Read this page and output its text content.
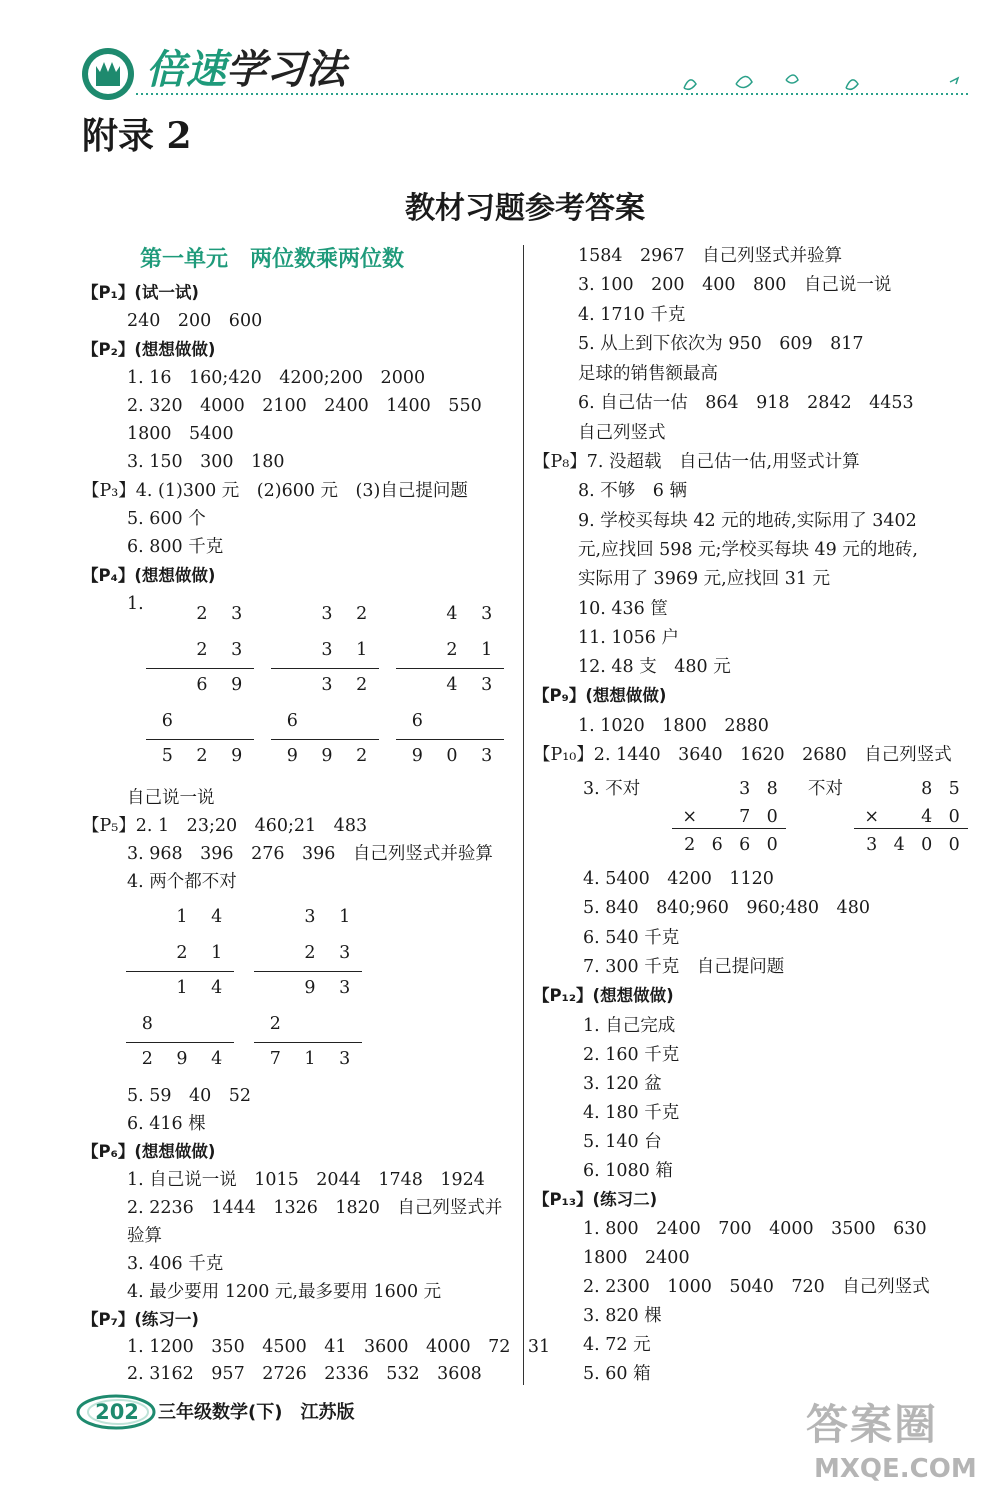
倍速学习法
附录 2
教材习题参考答案
第一单元　两位数乘两位数
【P₁】(试一试)
240　200　600
【P₂】(想想做做)
1. 16　160;420　4200;200　2000
2. 320　4000　2100　2400　1400　550
1800　5400
3. 150　300　180
【P₃】4. (1)300 元　(2)600 元　(3)自己提问题
5. 600 个
6. 800 千克
【P₄】(想想做做)
1.
自己说一说
【P₅】2. 1　23;20　460;21　483
3. 968　396　276　396　自己列竖式并验算
4. 两个都不对
5. 59　40　52
6. 416 棵
【P₆】(想想做做)
1. 自己说一说　1015　2044　1748　1924
2. 2236　1444　1326　1820　自己列竖式并
验算
3. 406 千克
4. 最少要用 1200 元,最多要用 1600 元
【P₇】(练习一)
1. 1200　350　4500　41　3600　4000　72　31
2. 3162　957　2726　2336　532　3608
1584　2967　自己列竖式并验算
3. 100　200　400　800　自己说一说
4. 1710 千克
5. 从上到下依次为 950　609　817
足球的销售额最高
6. 自己估一估　864　918　2842　4453
自己列竖式
【P₈】7. 没超载　自己估一估,用竖式计算
8. 不够　6 辆
9. 学校买每块 42 元的地砖,实际用了 3402
元,应找回 598 元;学校买每块 49 元的地砖,
实际用了 3969 元,应找回 31 元
10. 436 筐
11. 1056 户
12. 48 支　480 元
【P₉】(想想做做)
1. 1020　1800　2880
【P₁₀】2. 1440　3640　1620　2680　自己列竖式
3. 不对	不对
4. 5400　4200　1120
5. 840　840;960　960;480　480
6. 540 千克
7. 300 千克　自己提问题
【P₁₂】(想想做做)
1. 自己完成
2. 160 千克
3. 120 盆
4. 180 千克
5. 140 台
6. 1080 箱
【P₁₃】(练习二)
1. 800　2400　700　4000　3500　630
1800　2400
2. 2300　1000　5040　720　自己列竖式
3. 820 棵
4. 72 元
5. 60 箱

2 3

2 3

6 9
6

5 2 9

3 2

3 1

3 2
6

9 9 2

4 3

2 1

4 3
6

9 0 3

1 4

2 1

1 4
8

2 9 4

3 1

2 3

9 3
2

7 1 3

3 8
×
7 0
2 6 6 0

8 5
×
4 0
3 4 0 0
202	三年级数学(下)　江苏版	答案圈
MXQE.COM
